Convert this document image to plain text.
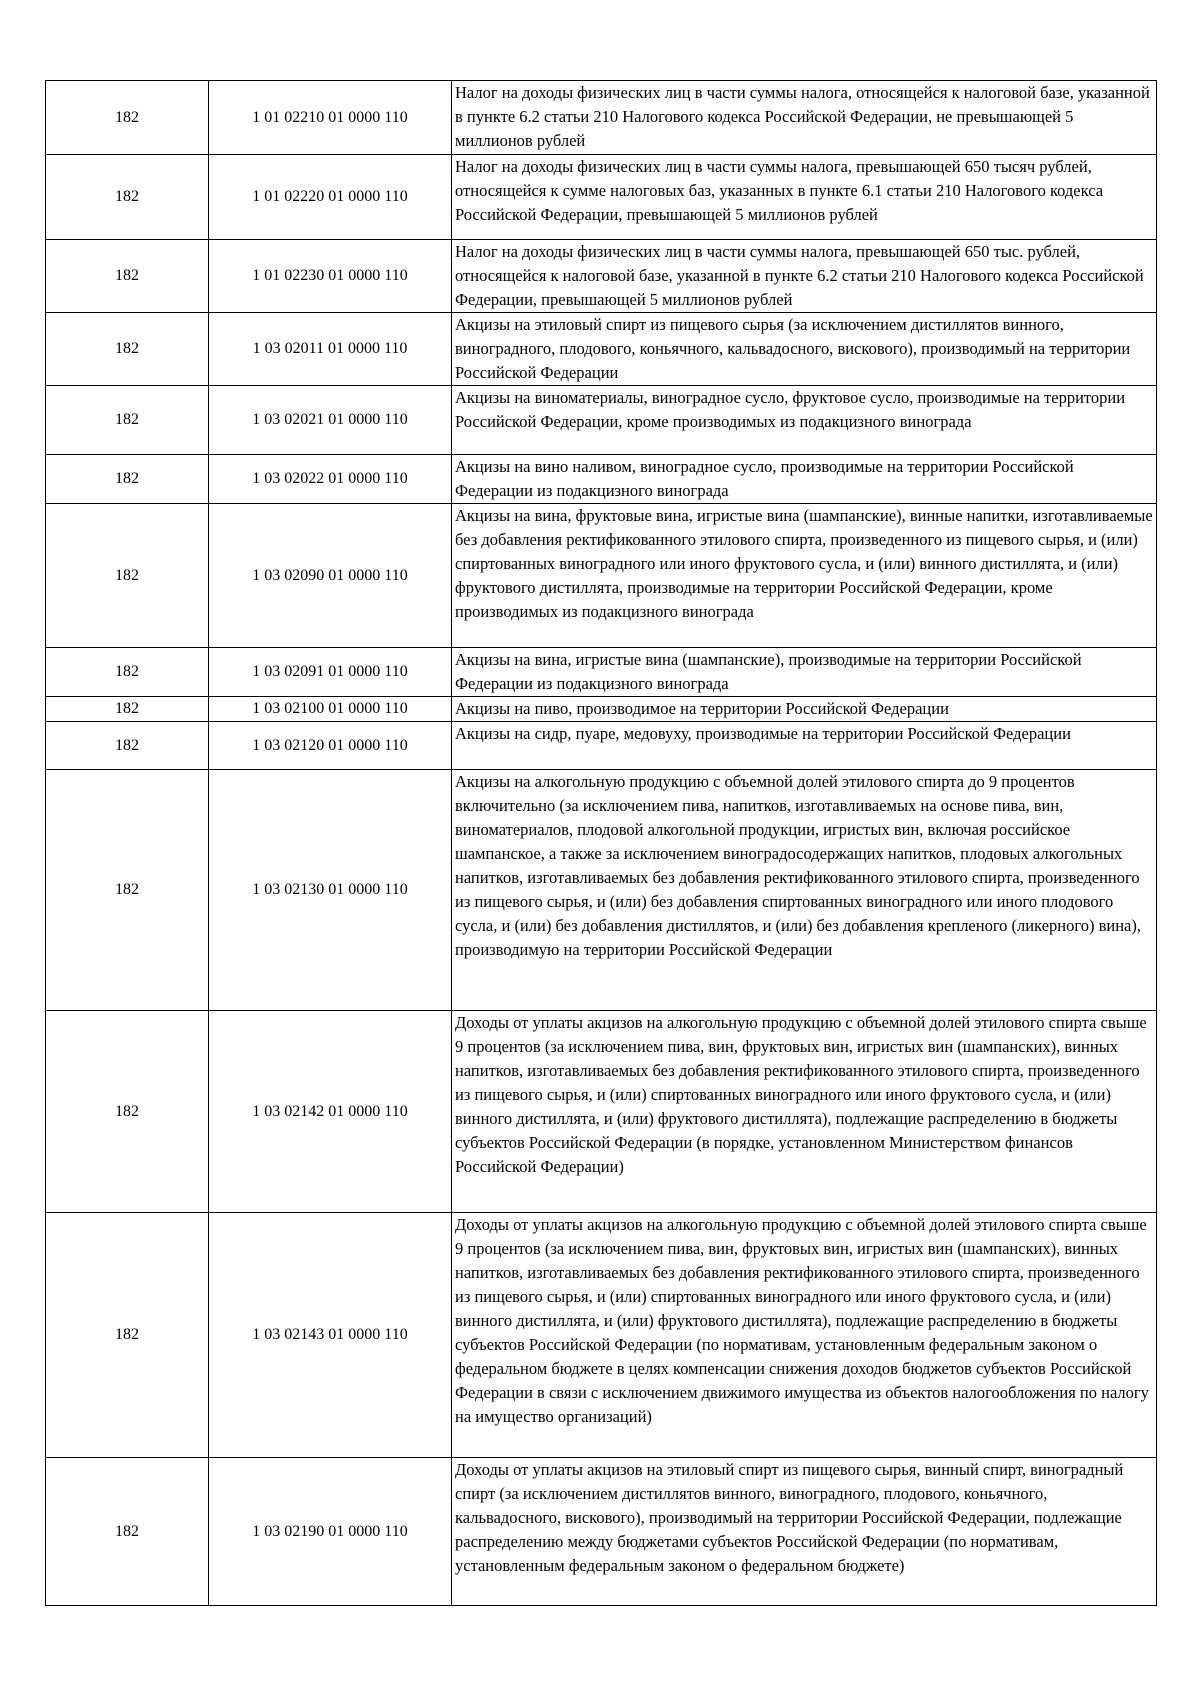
182	1 01 02210 01 0000 110	Налог на доходы физических лиц в части суммы налога, относящейся к налоговой базе, указанной в пункте 6.2 статьи 210 Налогового кодекса Российской Федерации, не превышающей 5 миллионов рублей
182	1 01 02220 01 0000 110	Налог на доходы физических лиц в части суммы налога, превышающей 650 тысяч рублей, относящейся к сумме налоговых баз, указанных в пункте 6.1 статьи 210 Налогового кодекса Российской Федерации, превышающей 5 миллионов рублей
182	1 01 02230 01 0000 110	Налог на доходы физических лиц в части суммы налога, превышающей 650 тыс. рублей, относящейся к налоговой базе, указанной в пункте 6.2 статьи 210 Налогового кодекса Российской Федерации, превышающей 5 миллионов рублей
182	1 03 02011 01 0000 110	Акцизы на этиловый спирт из пищевого сырья (за исключением дистиллятов винного, виноградного, плодового, коньячного, кальвадосного, вискового), производимый на территории Российской Федерации
182	1 03 02021 01 0000 110	Акцизы на виноматериалы, виноградное сусло, фруктовое сусло, производимые на территории Российской Федерации, кроме производимых из подакцизного винограда
182	1 03 02022 01 0000 110	Акцизы на вино наливом, виноградное сусло, производимые на территории Российской Федерации из подакцизного винограда
182	1 03 02090 01 0000 110	Акцизы на вина, фруктовые вина, игристые вина (шампанские), винные напитки, изготавливаемые без добавления ректификованного этилового спирта, произведенного из пищевого сырья, и (или) спиртованных виноградного или иного фруктового сусла, и (или) винного дистиллята, и (или) фруктового дистиллята, производимые на территории Российской Федерации, кроме производимых из подакцизного винограда
182	1 03 02091 01 0000 110	Акцизы на вина, игристые вина (шампанские), производимые на территории Российской Федерации из подакцизного винограда
182	1 03 02100 01 0000 110	Акцизы на пиво, производимое на территории Российской Федерации
182	1 03 02120 01 0000 110	Акцизы на сидр, пуаре, медовуху, производимые на территории Российской Федерации
182	1 03 02130 01 0000 110	Акцизы на алкогольную продукцию с объемной долей этилового спирта до 9 процентов включительно (за исключением пива, напитков, изготавливаемых на основе пива, вин, виноматериалов, плодовой алкогольной продукции, игристых вин, включая российское шампанское, а также за исключением виноградосодержащих напитков, плодовых алкогольных напитков, изготавливаемых без добавления ректификованного этилового спирта, произведенного из пищевого сырья, и (или) без добавления спиртованных виноградного или иного плодового сусла, и (или) без добавления дистиллятов, и (или) без добавления крепленого (ликерного) вина), производимую на территории Российской Федерации
182	1 03 02142 01 0000 110	Доходы от уплаты акцизов на алкогольную продукцию с объемной долей этилового спирта свыше 9 процентов (за исключением пива, вин, фруктовых вин, игристых вин (шампанских), винных напитков, изготавливаемых без добавления ректификованного этилового спирта, произведенного из пищевого сырья, и (или) спиртованных виноградного или иного фруктового сусла, и (или) винного дистиллята, и (или) фруктового дистиллята), подлежащие распределению в бюджеты субъектов Российской Федерации (в порядке, установленном Министерством финансов Российской Федерации)
182	1 03 02143 01 0000 110	Доходы от уплаты акцизов на алкогольную продукцию с объемной долей этилового спирта свыше 9 процентов (за исключением пива, вин, фруктовых вин, игристых вин (шампанских), винных напитков, изготавливаемых без добавления ректификованного этилового спирта, произведенного из пищевого сырья, и (или) спиртованных виноградного или иного фруктового сусла, и (или) винного дистиллята, и (или) фруктового дистиллята), подлежащие распределению в бюджеты субъектов Российской Федерации (по нормативам, установленным федеральным законом о федеральном бюджете в целях компенсации снижения доходов бюджетов субъектов Российской Федерации в связи с исключением движимого имущества из объектов налогообложения по налогу на имущество организаций)
182	1 03 02190 01 0000 110	Доходы от уплаты акцизов на этиловый спирт из пищевого сырья, винный спирт, виноградный спирт (за исключением дистиллятов винного, виноградного, плодового, коньячного, кальвадосного, вискового), производимый на территории Российской Федерации, подлежащие распределению между бюджетами субъектов Российской Федерации (по нормативам, установленным федеральным законом о федеральном бюджете)
